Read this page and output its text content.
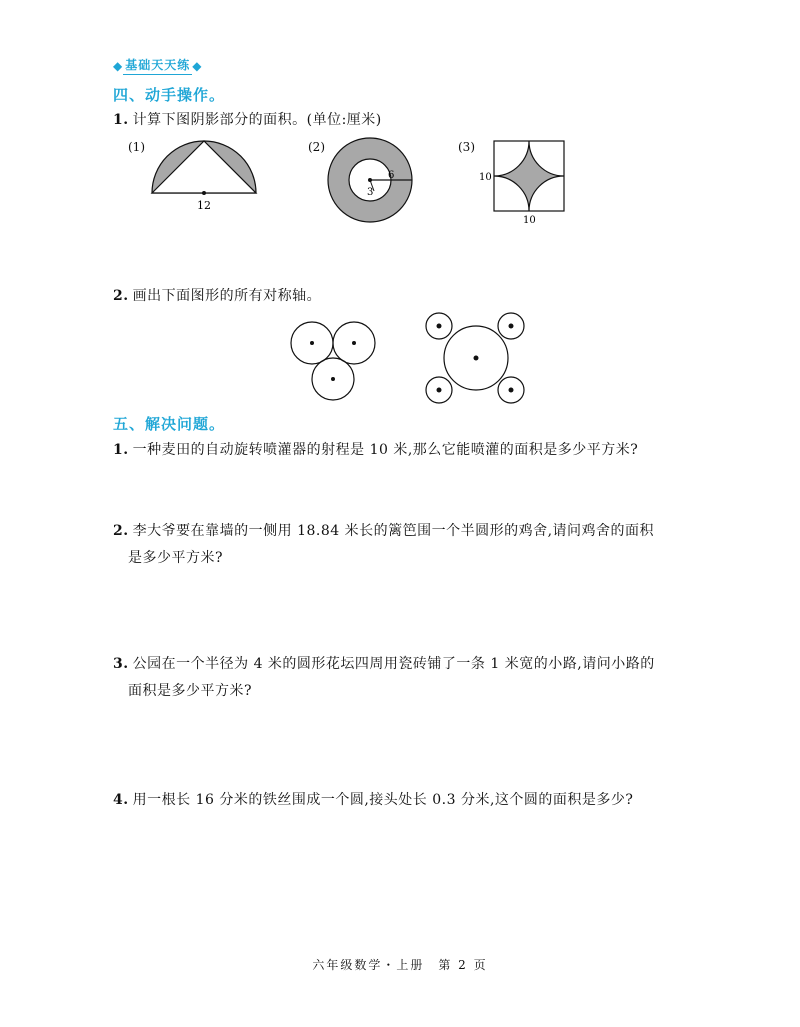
◆ 基础天天练 ◆
四、动手操作。
1. 计算下图阴影部分的面积。(单位:厘米)
(1)
12
(2)
6
3
(3)
10
10
2. 画出下面图形的所有对称轴。
五、解决问题。
1. 一种麦田的自动旋转喷灌器的射程是 10 米,那么它能喷灌的面积是多少平方米?
2. 李大爷要在靠墙的一侧用 18.84 米长的篱笆围一个半圆形的鸡舍,请问鸡舍的面积
是多少平方米?
3. 公园在一个半径为 4 米的圆形花坛四周用瓷砖铺了一条 1 米宽的小路,请问小路的
面积是多少平方米?
4. 用一根长 16 分米的铁丝围成一个圆,接头处长 0.3 分米,这个圆的面积是多少?
六年级数学・上册　第 2 页
